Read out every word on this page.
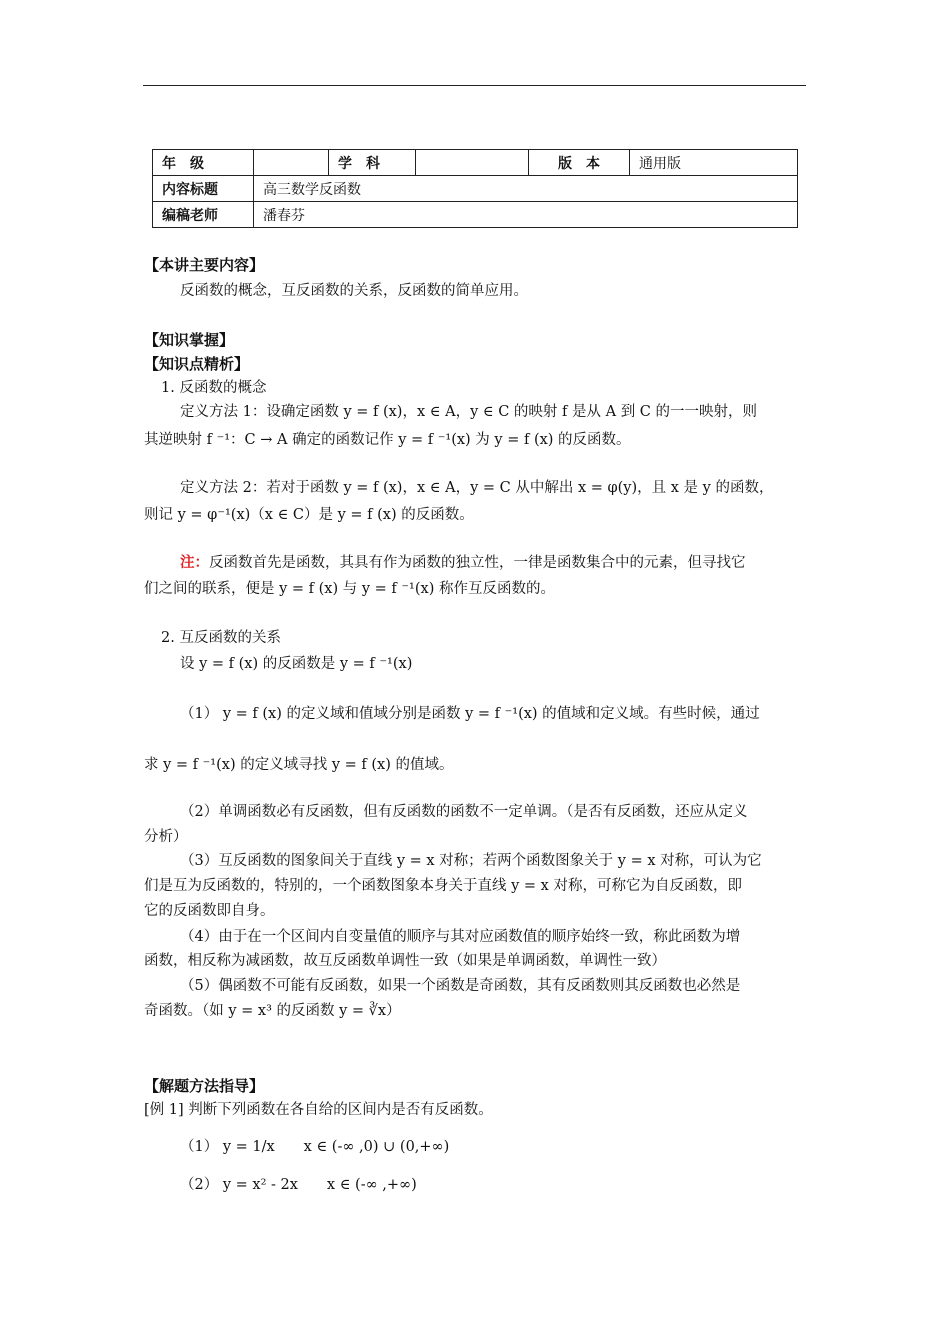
年　级		学　科		版　本	通用版
内容标题	高三数学反函数				
编稿老师	潘春芬				
【本讲主要内容】
反函数的概念，互反函数的关系，反函数的简单应用。
【知识掌握】
【知识点精析】
1. 反函数的概念
定义方法 1：设确定函数 y = f (x)，x ∈ A，y ∈ C 的映射 f 是从 A 到 C 的一一映射，则
其逆映射 f ⁻¹：C → A 确定的函数记作 y = f ⁻¹(x) 为 y = f (x) 的反函数。
定义方法 2：若对于函数 y = f (x)，x ∈ A，y = C 从中解出 x = φ(y)，且 x 是 y 的函数，
则记 y = φ⁻¹(x)（x ∈ C）是 y = f (x) 的反函数。
注：反函数首先是函数，其具有作为函数的独立性，一律是函数集合中的元素，但寻找它
们之间的联系，便是 y = f (x) 与 y = f ⁻¹(x) 称作互反函数的。
2. 互反函数的关系
设 y = f (x) 的反函数是 y = f ⁻¹(x)
（1） y = f (x) 的定义域和值域分别是函数 y = f ⁻¹(x) 的值域和定义域。有些时候，通过
求 y = f ⁻¹(x) 的定义域寻找 y = f (x) 的值域。
（2）单调函数必有反函数，但有反函数的函数不一定单调。（是否有反函数，还应从定义
分析）
（3）互反函数的图象间关于直线 y = x 对称；若两个函数图象关于 y = x 对称，可认为它
们是互为反函数的，特别的，一个函数图象本身关于直线 y = x 对称，可称它为自反函数，即
它的反函数即自身。
（4）由于在一个区间内自变量值的顺序与其对应函数值的顺序始终一致，称此函数为增
函数，相反称为减函数，故互反函数单调性一致（如果是单调函数，单调性一致）
（5）偶函数不可能有反函数，如果一个函数是奇函数，其有反函数则其反函数也必然是
奇函数。（如 y = x³ 的反函数 y = ∛x）
【解题方法指导】
[例 1] 判断下列函数在各自给的区间内是否有反函数。
（1） y = 1/x　　x ∈ (-∞ ,0) ∪ (0,+∞)
（2） y = x² - 2x　　x ∈ (-∞ ,+∞)
